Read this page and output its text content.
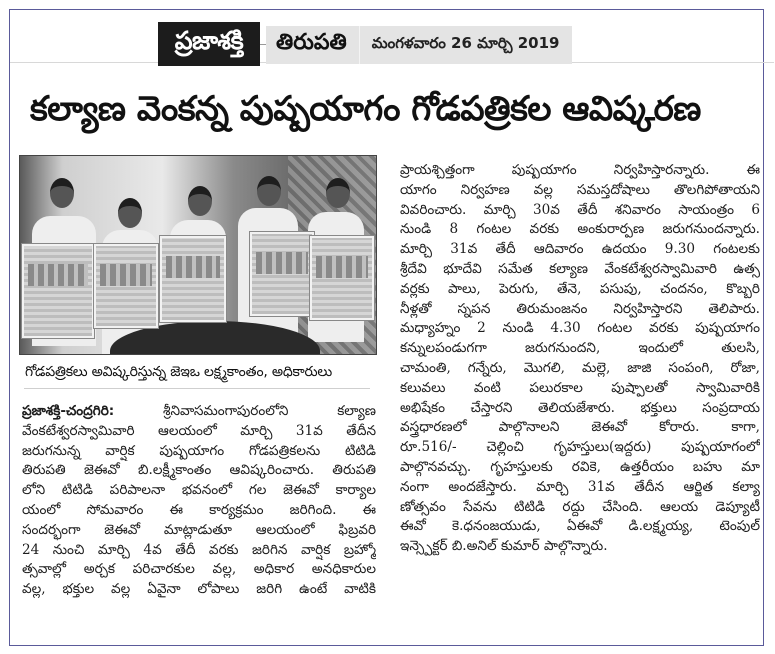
ప్రజాశక్తి	తిరుపతి	మంగళవారం 26 మార్చి 2019
కల్యాణ వెంకన్న పుష్పయాగం గోడపత్రికల ఆవిష్కరణ
గోడపత్రికలు అవిష్కరిస్తున్న జెఇఒ లక్ష్మకాంతం, అధికారులు
ప్రజాశక్తి-చంద్రగిరి: శ్రీనివాసమంగాపురంలోని కల్యాణ
వేంకటేశ్వరస్వామివారి ఆలయంలో మార్చి 31వ తేదీన
జరుగనున్న వార్షిక పుష్పయాగం గోడపత్రికలను టిటిడి
తిరుపతి జెఈవో బి.లక్ష్మీకాంతం ఆవిష్కరించారు. తిరుపతి
లోని టిటిడి పరిపాలనా భవనంలో గల జెఈవో కార్యాల
యంలో సోమవారం ఈ కార్యక్రమం జరిగింది. ఈ
సందర్భంగా జెఈవో మాట్లాడుతూ ఆలయంలో ఫిబ్రవరి
24 నుంచి మార్చి 4వ తేదీ వరకు జరిగిన వార్షిక బ్రహ్మో
త్సవాల్లో అర్చక పరిచారకుల వల్ల, అధికార అనధికారుల
వల్ల, భక్తుల వల్ల ఏవైనా లోపాలు జరిగి ఉంటే వాటికి
ప్రాయశ్చిత్తంగా పుష్పయాగం నిర్వహిస్తారన్నారు. ఈ
యాగం నిర్వహణ వల్ల సమస్తదోషాలు తొలగిపోతాయని
వివరించారు. మార్చి 30వ తేదీ శనివారం సాయంత్రం 6
నుండి 8 గంటల వరకు అంకురార్పణ జరుగనుందన్నారు.
మార్చి 31వ తేదీ ఆదివారం ఉదయం 9.30 గంటలకు
శ్రీదేవి భూదేవి సమేత కల్యాణ వేంకటేశ్వరస్వామివారి ఉత్స
వర్లకు పాలు, పెరుగు, తేనె, పసుపు, చందనం, కొబ్బరి
నీళ్లతో స్నపన తిరుమంజనం నిర్వహిస్తారని తెలిపారు.
మధ్యాహ్నం 2 నుండి 4.30 గంటల వరకు పుష్పయాగం
కన్నులపండుగగా జరుగనుందని, ఇందులో తులసి,
చామంతి, గన్నేరు, మొగలి, మల్లె, జాజి సంపంగి, రోజా,
కలువలు వంటి పలురకాల పుష్పాలతో స్వామివారికి
అభిషేకం చేస్తారని తెలియజేశారు. భక్తులు సంప్రదాయ
వస్త్రధారణలో పాల్గొనాలని జెఈవో కోరారు. కాగా,
రూ.516/- చెల్లించి గృహస్తులు(ఇద్దరు) పుష్పయాగంలో
పాల్గొనవచ్చు. గృహస్తులకు రవికె, ఉత్తరీయం బహు మా
నంగా అందజేస్తారు. మార్చి 31వ తేదీన ఆర్జిత కల్యా
ణోత్సవం సేవను టిటిడి రద్దు చేసింది. ఆలయ డెప్యూటీ
ఈవో కె.ధనంజయుడు, ఏఈవో డి.లక్ష్మయ్య, టెంపుల్
ఇన్స్పెక్టర్ బి.అనిల్ కుమార్ పాల్గొన్నారు.
